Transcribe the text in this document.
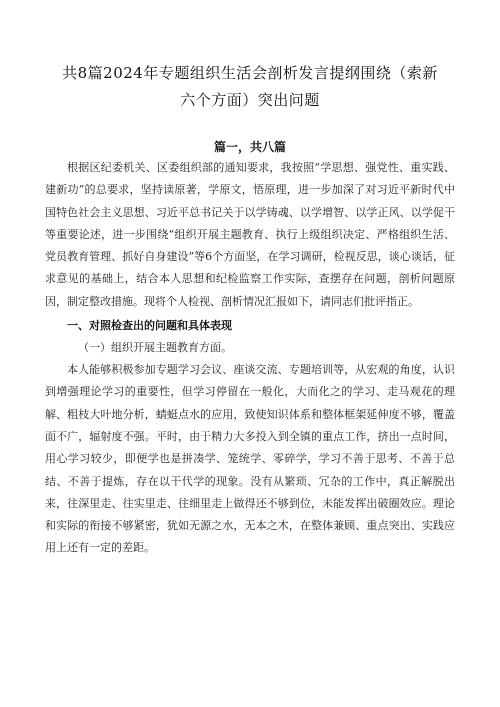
共8篇2024年专题组织生活会剖析发言提纲围绕（索新
六个方面）突出问题
篇一，共八篇

根据区纪委机关、区委组织部的通知要求，我按照“学思想、强党性、重实践、建新功”的总要求，坚持读原著，学原文，悟原理，进一步加深了对习近平新时代中国特色社会主义思想、习近平总书记关于以学铸魂、以学增智、以学正风、以学促干等重要论述，进一步围绕“组织开展主题教育、执行上级组织决定、严格组织生活、党员教育管理、抓好自身建设”等6个方面坚，在学习调研，检视反思，谈心谈话，征求意见的基础上，结合本人思想和纪检监察工作实际，查摆存在问题，剖析问题原因，制定整改措施。现将个人检视、剖析情况汇报如下，请同志们批评指正。

一、对照检查出的问题和具体表现
（一）组织开展主题教育方面。

本人能够积极参加专题学习会议、座谈交流、专题培训等，从宏观的角度，认识到增强理论学习的重要性，但学习停留在一般化，大而化之的学习、走马观花的理解、粗枝大叶地分析，蜻蜓点水的应用，致使知识体系和整体框架延伸度不够，覆盖面不广，辐射度不强。平时，由于精力大多投入到全镇的重点工作，挤出一点时间，用心学习较少，即便学也是拼凑学、笼统学、零碎学，学习不善于思考、不善于总结、不善于提炼，存在以干代学的现象。没有从繁琐、冗杂的工作中，真正解脱出来，往深里走、往实里走、往细里走上做得还不够到位，未能发挥出破圈效应。理论和实际的衔接不够紧密，犹如无源之水，无本之木，在整体兼顾、重点突出、实践应用上还有一定的差距。
